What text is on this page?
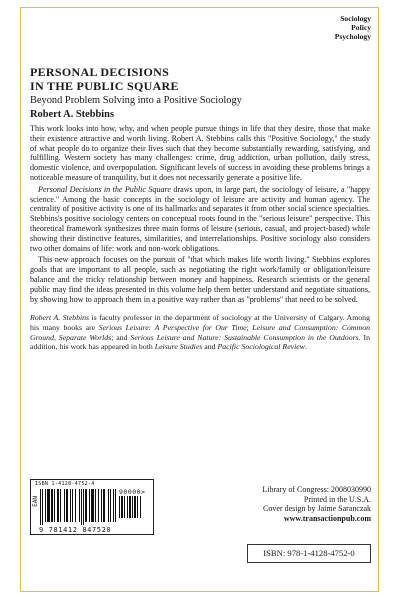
Sociology
Policy
Psychology
PERSONAL DECISIONS
IN THE PUBLIC SQUARE
Beyond Problem Solving into a Positive Sociology
Robert A. Stebbins

This work looks into how, why, and when people pursue things in life that they desire, those that make their existence attractive and worth living. Robert A. Stebbins calls this "Positive Sociology," the study of what people do to organize their lives such that they become substantially rewarding, satisfying, and fulfilling. Western society has many challenges: crime, drug addiction, urban pollution, daily stress, domestic violence, and overpopulation. Significant levels of success in avoiding these problems brings a noticeable measure of tranquility, but it does not necessarily generate a positive life.

Personal Decisions in the Public Square draws upon, in large part, the sociology of leisure, a "happy science." Among the basic concepts in the sociology of leisure are activity and human agency. The centrality of positive activity is one of its hallmarks and separates it from other social science specialties. Stebbins's positive sociology centers on conceptual roots found in the "serious leisure" perspective. This theoretical framework synthesizes three main forms of leisure (serious, casual, and project-based) while showing their distinctive features, similarities, and interrelationships. Positive sociology also considers two other domains of life: work and non-work obligations.

This new approach focuses on the pursuit of "that which makes life worth living." Stebbins explores goals that are important to all people, such as negotiating the right work/family or obligation/leisure balance and the tricky relationship between money and happiness. Research scientists or the general public may find the ideas presented in this volume help them better understand and negotiate situations, by showing how to approach them in a positive way rather than as "problems" that need to be solved.

Robert A. Stebbins is faculty professor in the department of sociology at the University of Calgary. Among his many books are Serious Leisure: A Perspective for Our Time; Leisure and Consumption: Common Ground, Separate Worlds; and Serious Leisure and Nature: Sustainable Consumption in the Outdoors. In addition, his work has appeared in both Leisure Studies and Pacific Sociological Review.
ISBN 1-4128-4752-4
EAN
90000>
9 781412 847520
Library of Congress: 2008030990
Printed in the U.S.A.
Cover design by Jaime Saranczak
www.transactionpub.com
ISBN: 978-1-4128-4752-0
